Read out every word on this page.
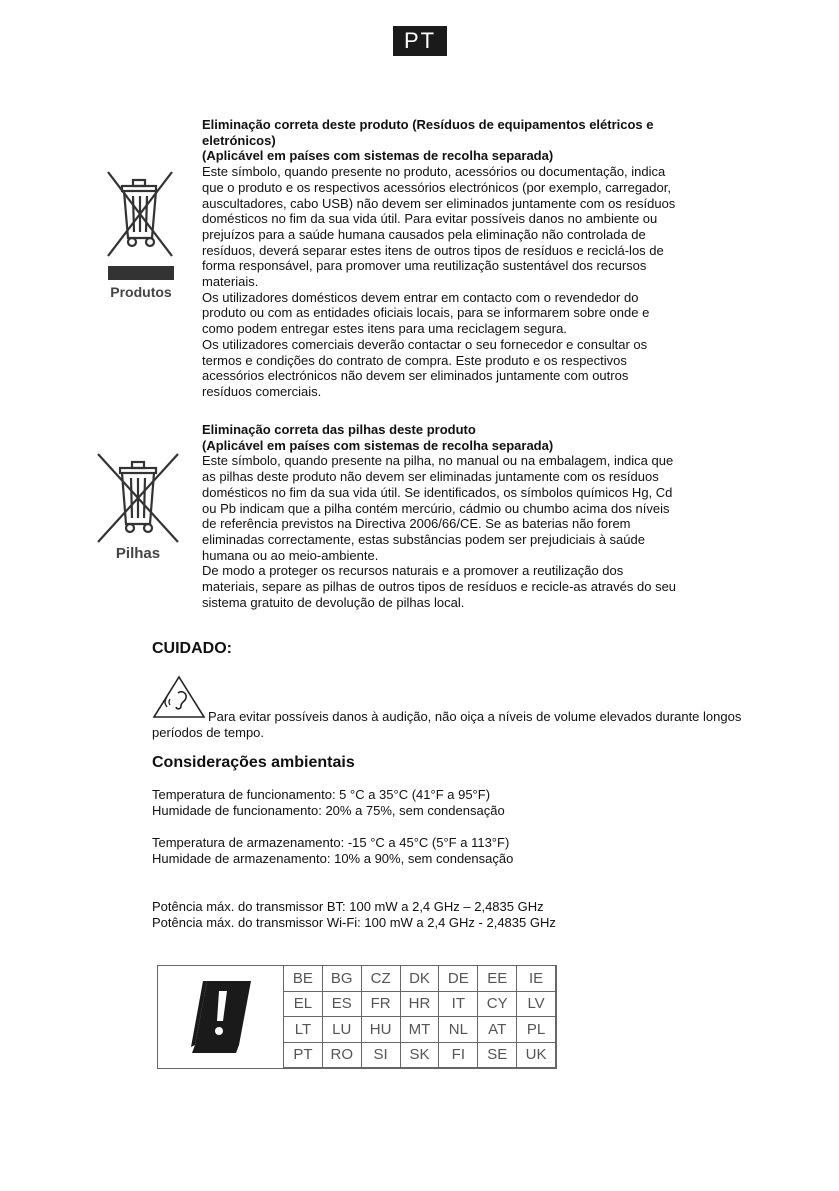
PT
Produtos

Eliminação correta deste produto (Resíduos de equipamentos elétricos e

eletrónicos)

(Aplicável em países com sistemas de recolha separada)

Este símbolo, quando presente no produto, acessórios ou documentação, indica

que o produto e os respectivos acessórios electrónicos (por exemplo, carregador,

auscultadores, cabo USB) não devem ser eliminados juntamente com os resíduos

domésticos no fim da sua vida útil. Para evitar possíveis danos no ambiente ou

prejuízos para a saúde humana causados pela eliminação não controlada de

resíduos, deverá separar estes itens de outros tipos de resíduos e reciclá-los de

forma responsável, para promover uma reutilização sustentável dos recursos

materiais.

Os utilizadores domésticos devem entrar em contacto com o revendedor do

produto ou com as entidades oficiais locais, para se informarem sobre onde e

como podem entregar estes itens para uma reciclagem segura.

Os utilizadores comerciais deverão contactar o seu fornecedor e consultar os

termos e condições do contrato de compra. Este produto e os respectivos

acessórios electrónicos não devem ser eliminados juntamente com outros

resíduos comerciais.

Pilhas

Eliminação correta das pilhas deste produto

(Aplicável em países com sistemas de recolha separada)

Este símbolo, quando presente na pilha, no manual ou na embalagem, indica que

as pilhas deste produto não devem ser eliminadas juntamente com os resíduos

domésticos no fim da sua vida útil. Se identificados, os símbolos químicos Hg, Cd

ou Pb indicam que a pilha contém mercúrio, cádmio ou chumbo acima dos níveis

de referência previstos na Directiva 2006/66/CE. Se as baterias não forem

eliminadas correctamente, estas substâncias podem ser prejudiciais à saúde

humana ou ao meio-ambiente.

De modo a proteger os recursos naturais e a promover a reutilização dos

materiais, separe as pilhas de outros tipos de resíduos e recicle-as através do seu

sistema gratuito de devolução de pilhas local.

CUIDADO:
Para evitar possíveis danos à audição, não oiça a níveis de volume elevados durante longos períodos de tempo.
Considerações ambientais
Temperatura de funcionamento: 5 °C a 35°C (41°F a 95°F)
Humidade de funcionamento: 20% a 75%, sem condensação
Temperatura de armazenamento: -15 °C a 45°C (5°F a 113°F)
Humidade de armazenamento: 10% a 90%, sem condensação
Potência máx. do transmissor BT: 100 mW a 2,4 GHz – 2,4835 GHz
Potência máx. do transmissor Wi-Fi: 100 mW a 2,4 GHz - 2,4835 GHz
BE	BG	CZ	DK	DE	EE	IE
EL	ES	FR	HR	IT	CY	LV
LT	LU	HU	MT	NL	AT	PL
PT	RO	SI	SK	FI	SE	UK
